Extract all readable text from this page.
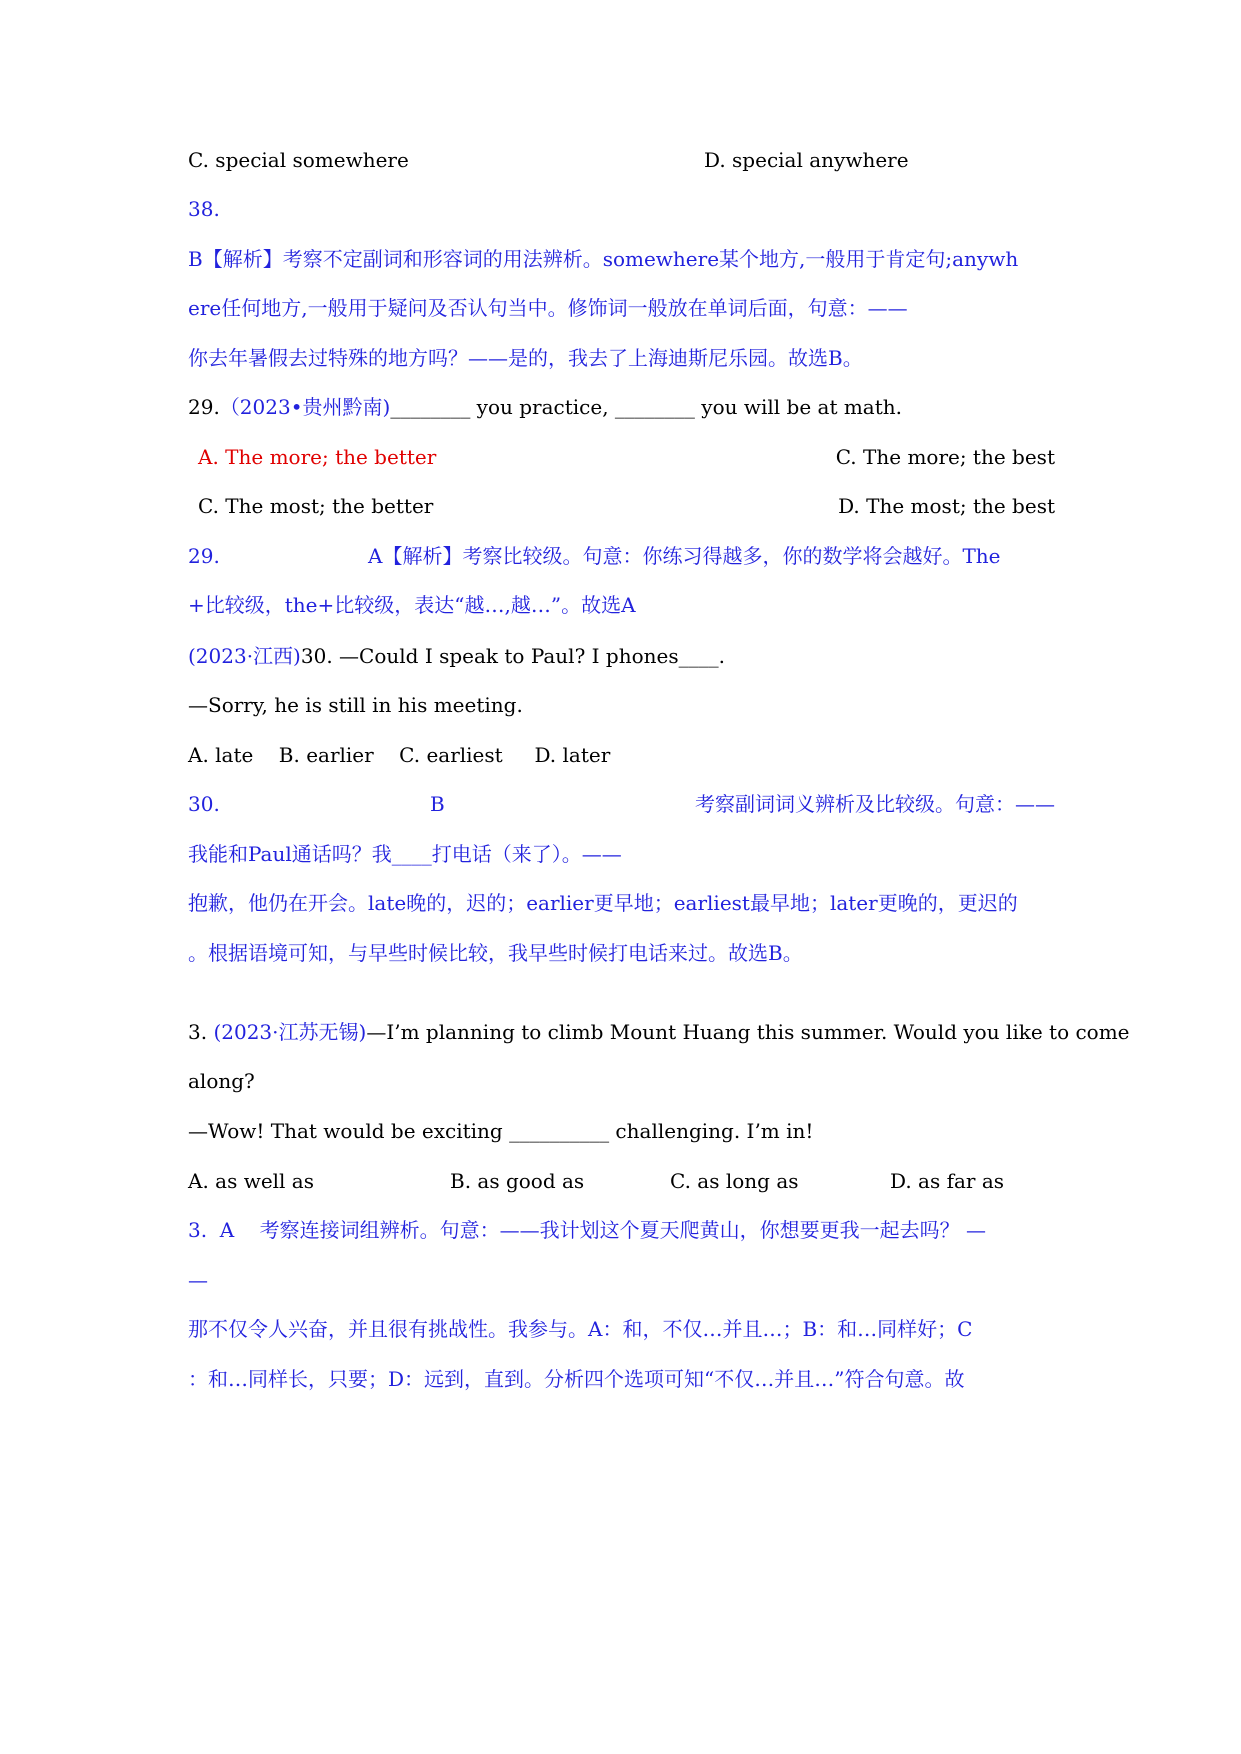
C. special somewhere	D. special anywhere
38.
B【解析】考察不定副词和形容词的用法辨析。somewhere某个地方,一般用于肯定句;anywh
ere任何地方,一般用于疑问及否认句当中。修饰词一般放在单词后面，句意：——
你去年暑假去过特殊的地方吗？——是的，我去了上海迪斯尼乐园。故选B。
29.（2023•贵州黔南)________ you practice, ________ you will be at math.
A. The more; the better	C. The more; the best
C. The most; the better	D. The most; the best
29.	A【解析】考察比较级。句意：你练习得越多，你的数学将会越好。The
+比较级，the+比较级，表达“越…,越…”。故选A
(2023·江西)30. —Could I speak to Paul? I phones____.
—Sorry, he is still in his meeting.
A. late    B. earlier    C. earliest     D. later
30.	B	考察副词词义辨析及比较级。句意：——
我能和Paul通话吗？我____打电话（来了）。——
抱歉，他仍在开会。late晚的，迟的；earlier更早地；earliest最早地；later更晚的，更迟的
。根据语境可知，与早些时候比较，我早些时候打电话来过。故选B。
3. (2023·江苏无锡)—I’m planning to climb Mount Huang this summer. Would you like to come
along?
—Wow! That would be exciting __________ challenging. I’m in!
A. as well as	B. as good as	C. as long as	D. as far as
3.  A    考察连接词组辨析。句意：——我计划这个夏天爬黄山，你想要更我一起去吗？ —
—
那不仅令人兴奋，并且很有挑战性。我参与。A：和，不仅…并且…；B：和…同样好；C
：和…同样长，只要；D：远到，直到。分析四个选项可知“不仅…并且…”符合句意。故
